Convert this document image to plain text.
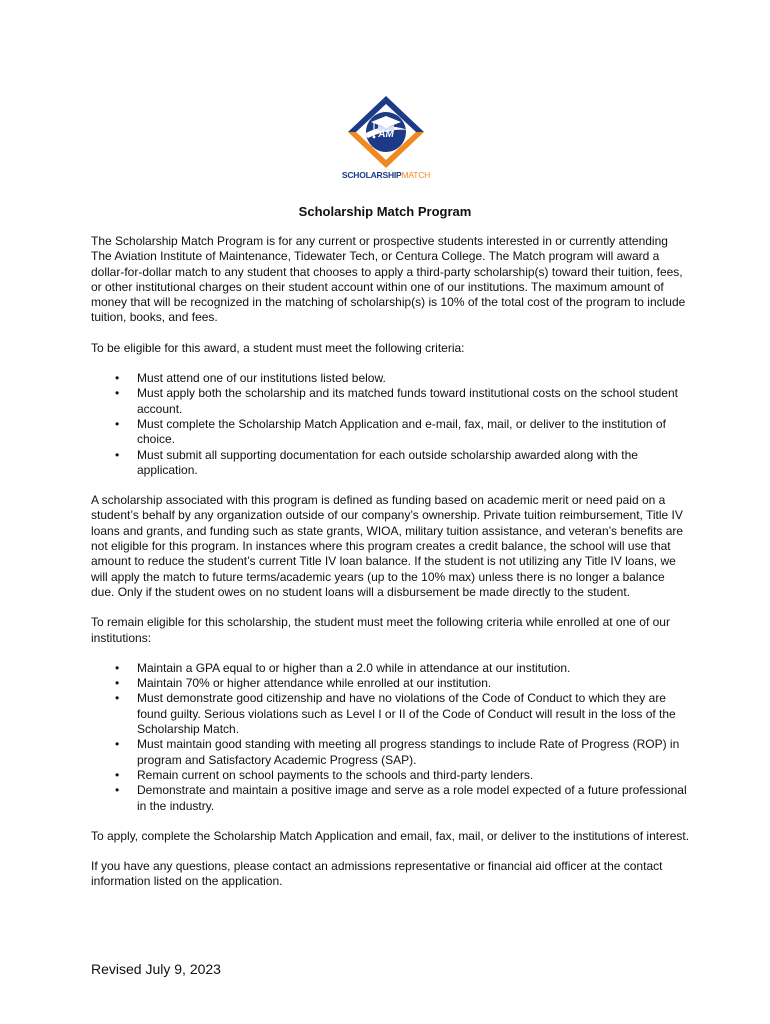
AM
SCHOLARSHIPMATCH
Scholarship Match Program

The Scholarship Match Program is for any current or prospective students interested in or currently attending The Aviation Institute of Maintenance, Tidewater Tech, or Centura College. The Match program will award a dollar-for-dollar match to any student that chooses to apply a third-party scholarship(s) toward their tuition, fees, or other institutional charges on their student account within one of our institutions. The maximum amount of money that will be recognized in the matching of scholarship(s) is 10% of the total cost of the program to include tuition, books, and fees.

To be eligible for this award, a student must meet the following criteria:

• Must attend one of our institutions listed below.
• Must apply both the scholarship and its matched funds toward institutional costs on the school student account.
• Must complete the Scholarship Match Application and e-mail, fax, mail, or deliver to the institution of choice.
• Must submit all supporting documentation for each outside scholarship awarded along with the application.

A scholarship associated with this program is defined as funding based on academic merit or need paid on a student’s behalf by any organization outside of our company’s ownership. Private tuition reimbursement, Title IV loans and grants, and funding such as state grants, WIOA, military tuition assistance, and veteran’s benefits are not eligible for this program. In instances where this program creates a credit balance, the school will use that amount to reduce the student’s current Title IV loan balance. If the student is not utilizing any Title IV loans, we will apply the match to future terms/academic years (up to the 10% max) unless there is no longer a balance due. Only if the student owes on no student loans will a disbursement be made directly to the student.

To remain eligible for this scholarship, the student must meet the following criteria while enrolled at one of our institutions:

• Maintain a GPA equal to or higher than a 2.0 while in attendance at our institution.
• Maintain 70% or higher attendance while enrolled at our institution.
• Must demonstrate good citizenship and have no violations of the Code of Conduct to which they are found guilty. Serious violations such as Level I or II of the Code of Conduct will result in the loss of the Scholarship Match.
• Must maintain good standing with meeting all progress standings to include Rate of Progress (ROP) in program and Satisfactory Academic Progress (SAP).
• Remain current on school payments to the schools and third-party lenders.
• Demonstrate and maintain a positive image and serve as a role model expected of a future professional in the industry.

To apply, complete the Scholarship Match Application and email, fax, mail, or deliver to the institutions of interest.

If you have any questions, please contact an admissions representative or financial aid officer at the contact information listed on the application.

Revised July 9, 2023
